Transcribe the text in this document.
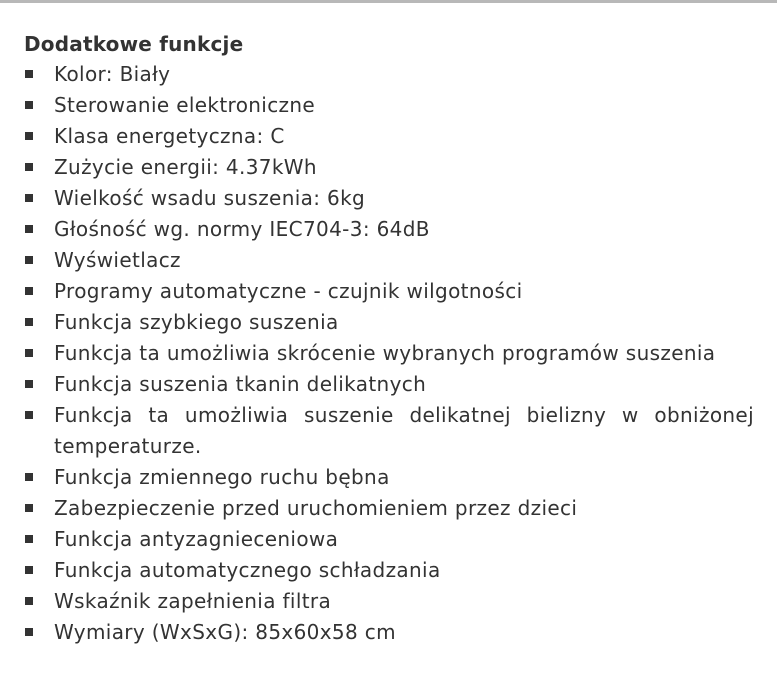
Dodatkowe funkcje
Kolor: Biały
Sterowanie elektroniczne
Klasa energetyczna: C
Zużycie energii: 4.37kWh
Wielkość wsadu suszenia: 6kg
Głośność wg. normy IEC704-3: 64dB
Wyświetlacz
Programy automatyczne - czujnik wilgotności
Funkcja szybkiego suszenia
Funkcja ta umożliwia skrócenie wybranych programów suszenia
Funkcja suszenia tkanin delikatnych
Funkcja ta umożliwia suszenie delikatnej bielizny w obniżonej temperaturze.
Funkcja zmiennego ruchu bębna
Zabezpieczenie przed uruchomieniem przez dzieci
Funkcja antyzagnieceniowa
Funkcja automatycznego schładzania
Wskaźnik zapełnienia filtra
Wymiary (WxSxG): 85x60x58 cm
